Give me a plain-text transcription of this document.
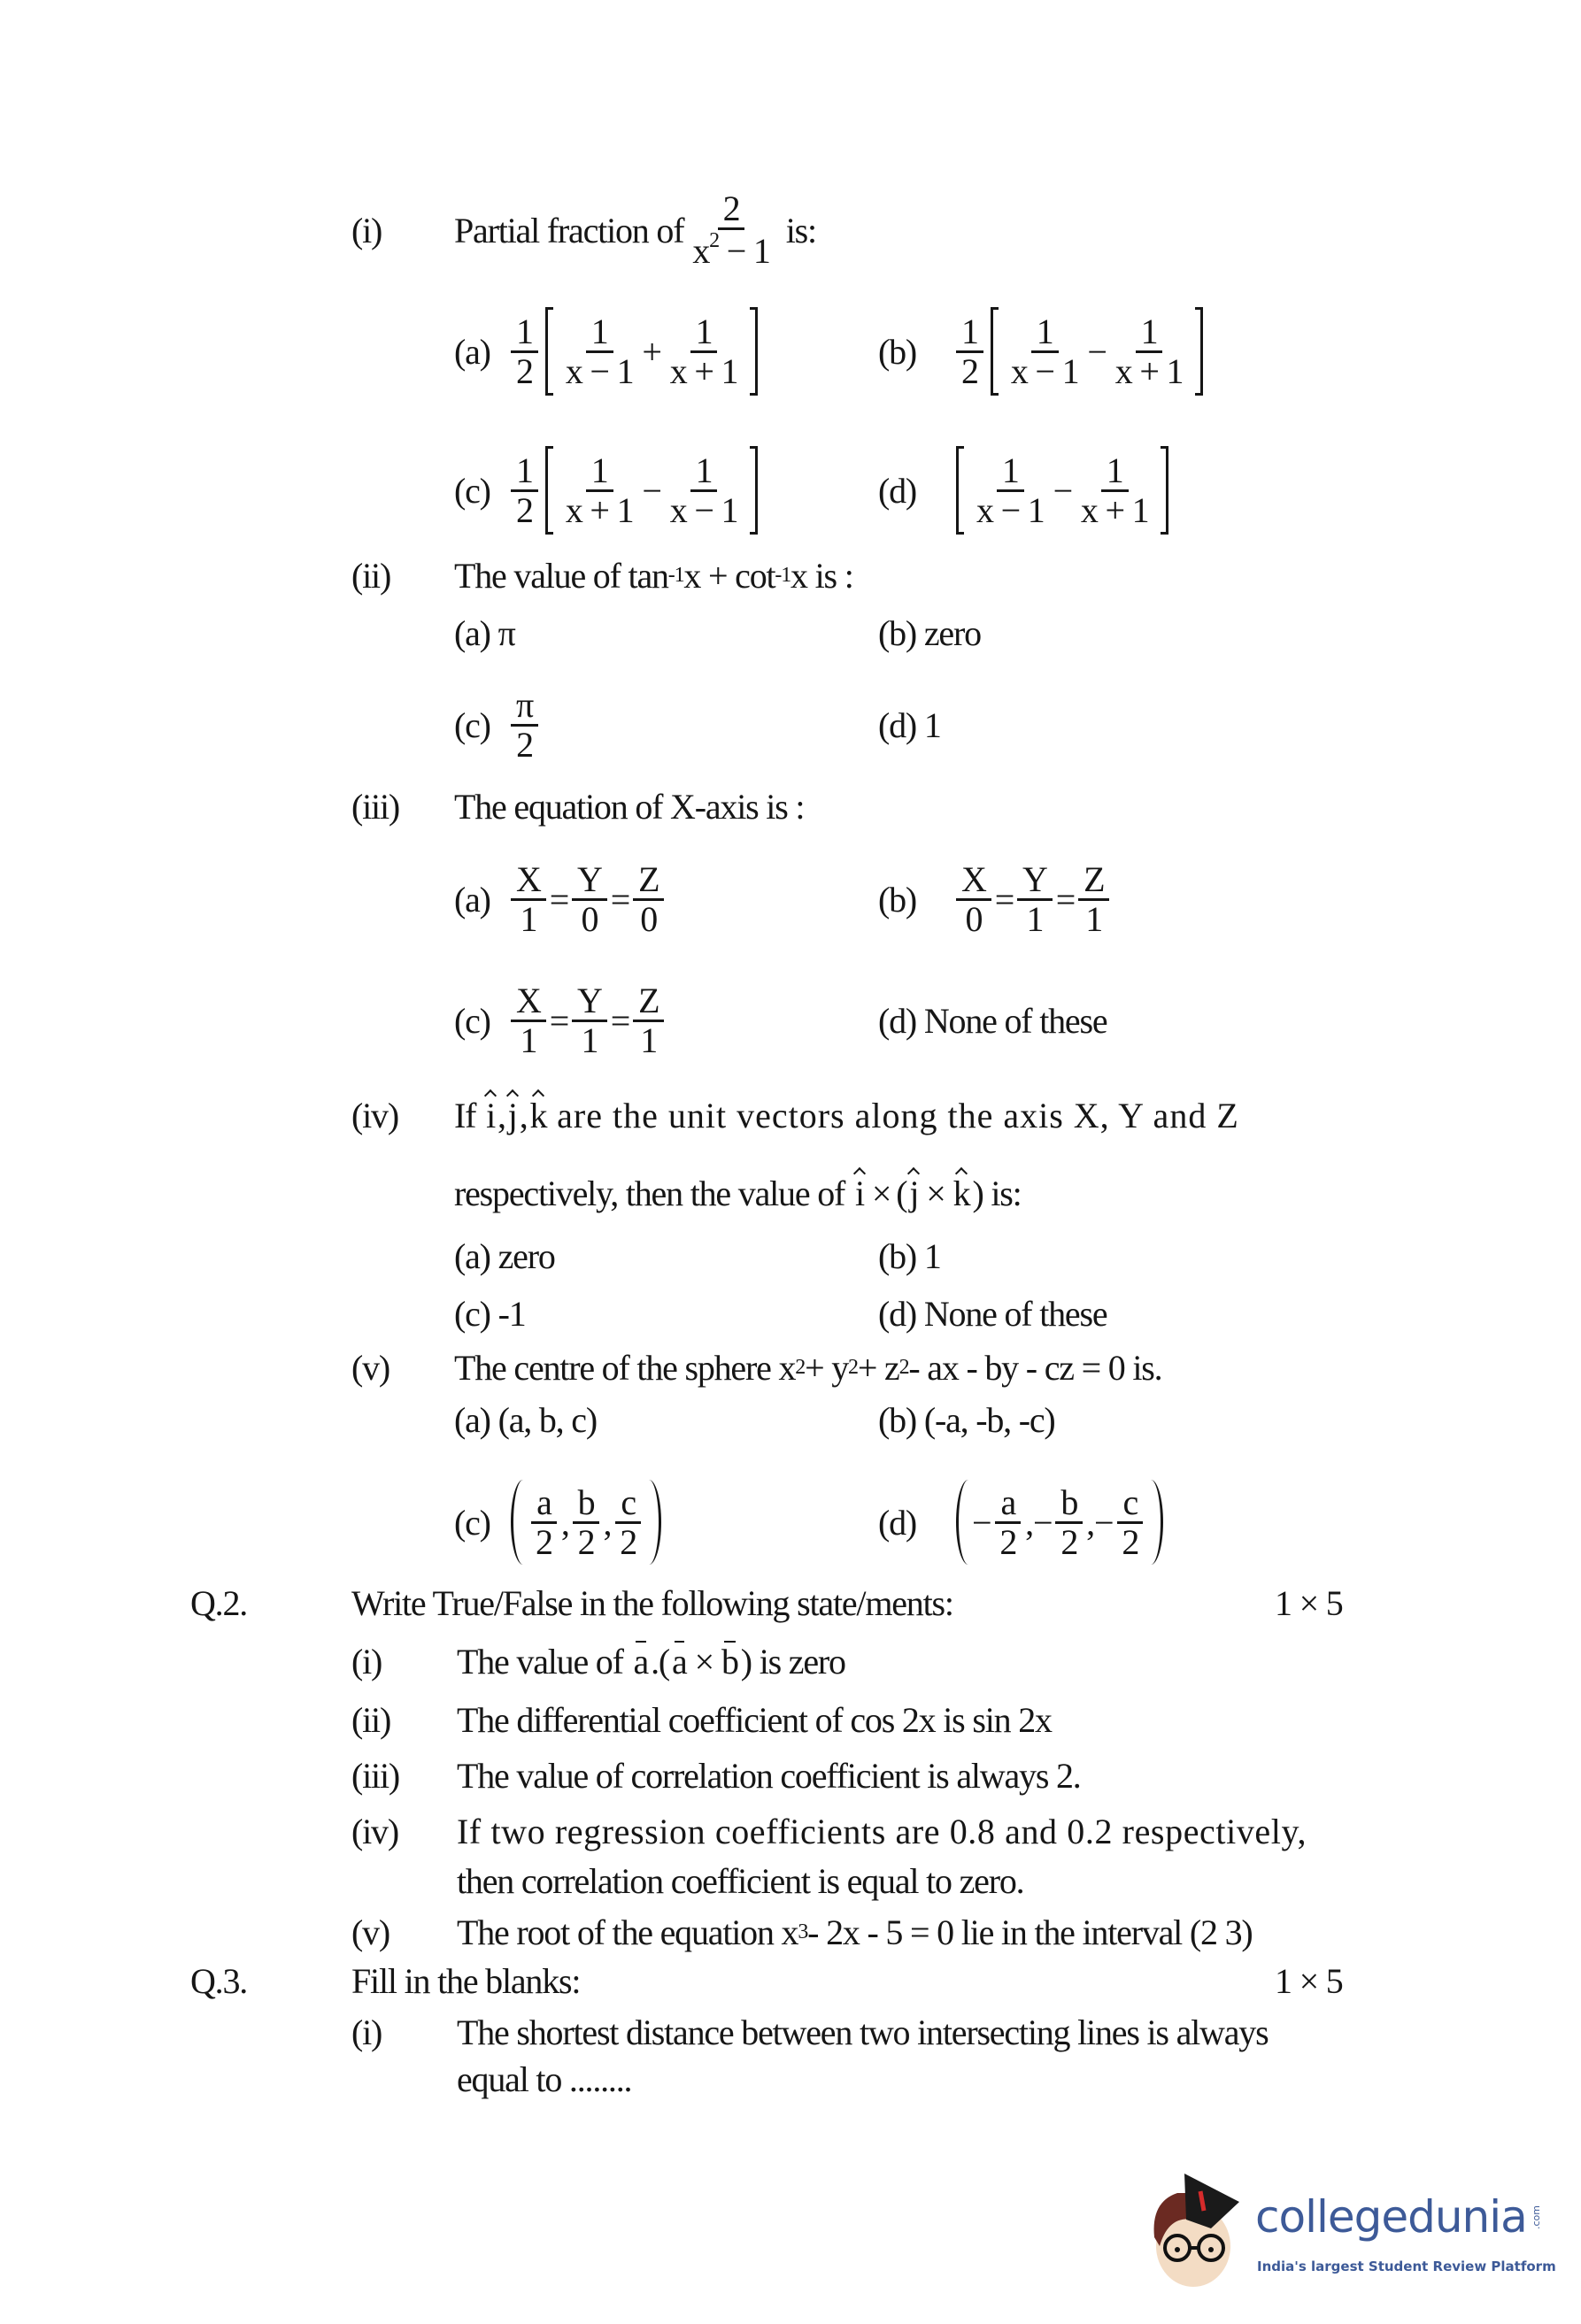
(i)	Partial fraction of $\frac{2}{x^2 - 1}$ is:
$(a) \frac{1}{2} \frac{1}{x - 1} + \frac{1}{x + 1}$	(b)	$\frac{1}{2} \frac{1}{x - 1} - \frac{1}{x + 1}$
$(c) \frac{1}{2} \frac{1}{x + 1} - \frac{1}{x - 1}$	(d)	$\frac{1}{x - 1} - \frac{1}{x + 1}$
(ii)	The value of tan -1 x + cot -1 x is :
(a) π	(b) zero
$(c) \frac{\pi}{2}$	(d) 1
(iii)	The equation of X-axis is :
$(a) \frac{X}{1} = \frac{Y}{0} = \frac{Z}{0}$	(b)	$\frac{X}{0} = \frac{Y}{1} = \frac{Z}{1}$
$(c) \frac{X}{1} = \frac{Y}{1} = \frac{Z}{1}$	(d) None of these
(iv)	If
i , j , k
are the unit vectors along the axis X, Y and Z
respectively, then the value of
i × ( j × k ) is:
(a) zero	(b) 1
(c) -1	(d) None of these
(v)	The centre of the sphere x 2 + y 2 + z 2 - ax - by - cz = 0 is.
(a) (a, b, c)	(b) (-a, -b, -c)
(c)	$\frac{a}{2}$ , $\frac{b}{2}$ , $\frac{c}{2}$	(d)	− $\frac{a}{2}$ , − $\frac{b}{2}$ , − $\frac{c}{2}$
Q.2.	Write True/False in the following state/ments:	1 × 5
(i)	The value of
a .( a × b ) is zero
(ii)	The differential coefficient of cos 2x is sin 2x
(iii)	The value of correlation coefficient is always 2.
(iv)	If two regression coefficients are 0.8 and 0.2 respectively,
then correlation coefficient is equal to zero.
(v)	The root of the equation x 3 - 2x - 5 = 0 lie in the interval (2 3)
Q.3.	Fill in the blanks:	1 × 5
(i)	The shortest distance between two intersecting lines is always
equal to ........
collegedunia .com
India's largest Student Review Platform
